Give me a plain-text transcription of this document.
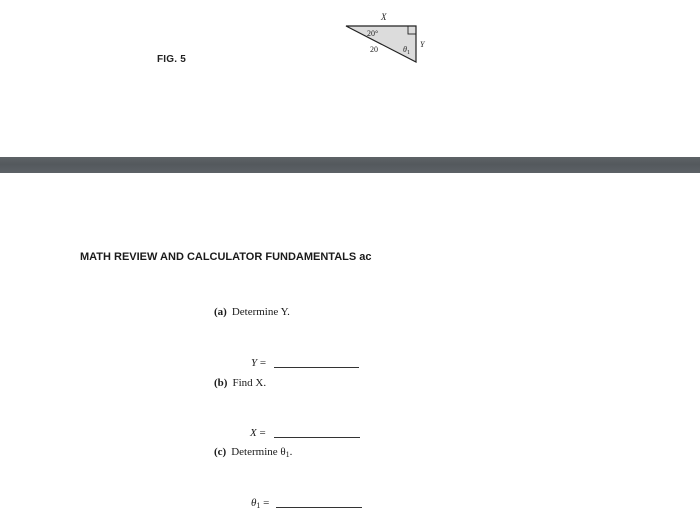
X
20°
20	$\theta_1$
Y
FIG. 5
MATH REVIEW AND CALCULATOR FUNDAMENTALS ac
(a) Determine Y.
Y =
(b) Find X.
X =
(c) Determine $\theta_1$.
$\theta_1$ =
